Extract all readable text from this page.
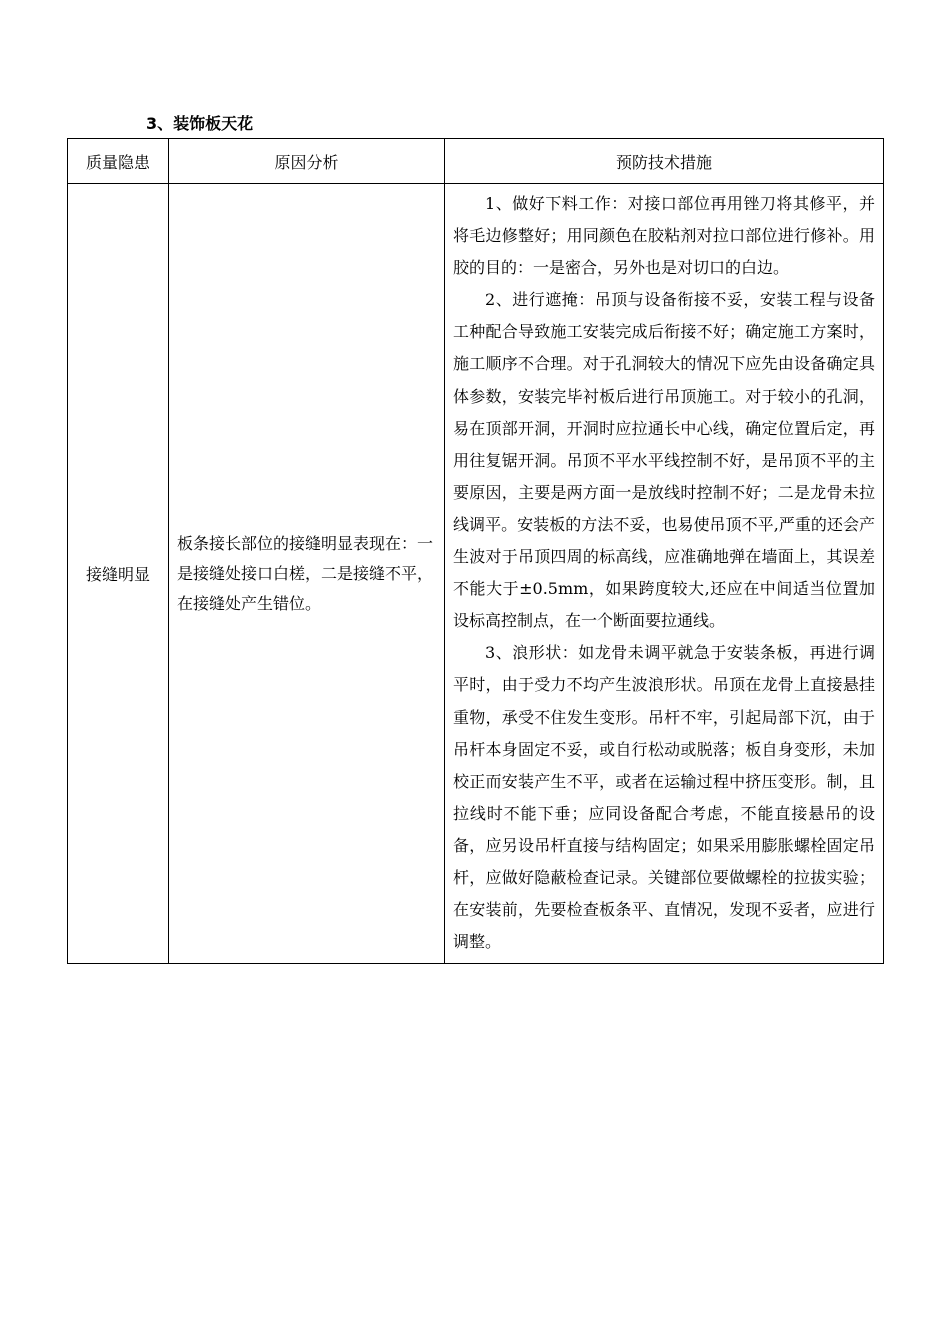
3、装饰板天花
质量隐患	原因分析	预防技术措施
接缝明显	板条接长部位的接缝明显表现在：一是接缝处接口白槎，二是接缝不平，在接缝处产生错位。	1、做好下料工作：对接口部位再用锉刀将其修平，并将毛边修整好；用同颜色在胶粘剂对拉口部位进行修补。用胶的目的：一是密合，另外也是对切口的白边。

2、进行遮掩：吊顶与设备衔接不妥，安装工程与设备工种配合导致施工安装完成后衔接不好；确定施工方案时，施工顺序不合理。对于孔洞较大的情况下应先由设备确定具体参数，安装完毕衬板后进行吊顶施工。对于较小的孔洞，易在顶部开洞，开洞时应拉通长中心线，确定位置后定，再用往复锯开洞。吊顶不平水平线控制不好，是吊顶不平的主要原因，主要是两方面一是放线时控制不好；二是龙骨未拉线调平。安装板的方法不妥，也易使吊顶不平,严重的还会产生波对于吊顶四周的标高线，应准确地弹在墙面上，其误差不能大于±0.5mm，如果跨度较大,还应在中间适当位置加设标高控制点，在一个断面要拉通线。

3、浪形状：如龙骨未调平就急于安装条板，再进行调平时，由于受力不均产生波浪形状。吊顶在龙骨上直接悬挂重物，承受不住发生变形。吊杆不牢，引起局部下沉，由于吊杆本身固定不妥，或自行松动或脱落；板自身变形，未加校正而安装产生不平，或者在运输过程中挤压变形。制，且拉线时不能下垂；应同设备配合考虑，不能直接悬吊的设备，应另设吊杆直接与结构固定；如果采用膨胀螺栓固定吊杆，应做好隐蔽检查记录。关键部位要做螺栓的拉拔实验；在安装前，先要检查板条平、直情况，发现不妥者，应进行调整。
